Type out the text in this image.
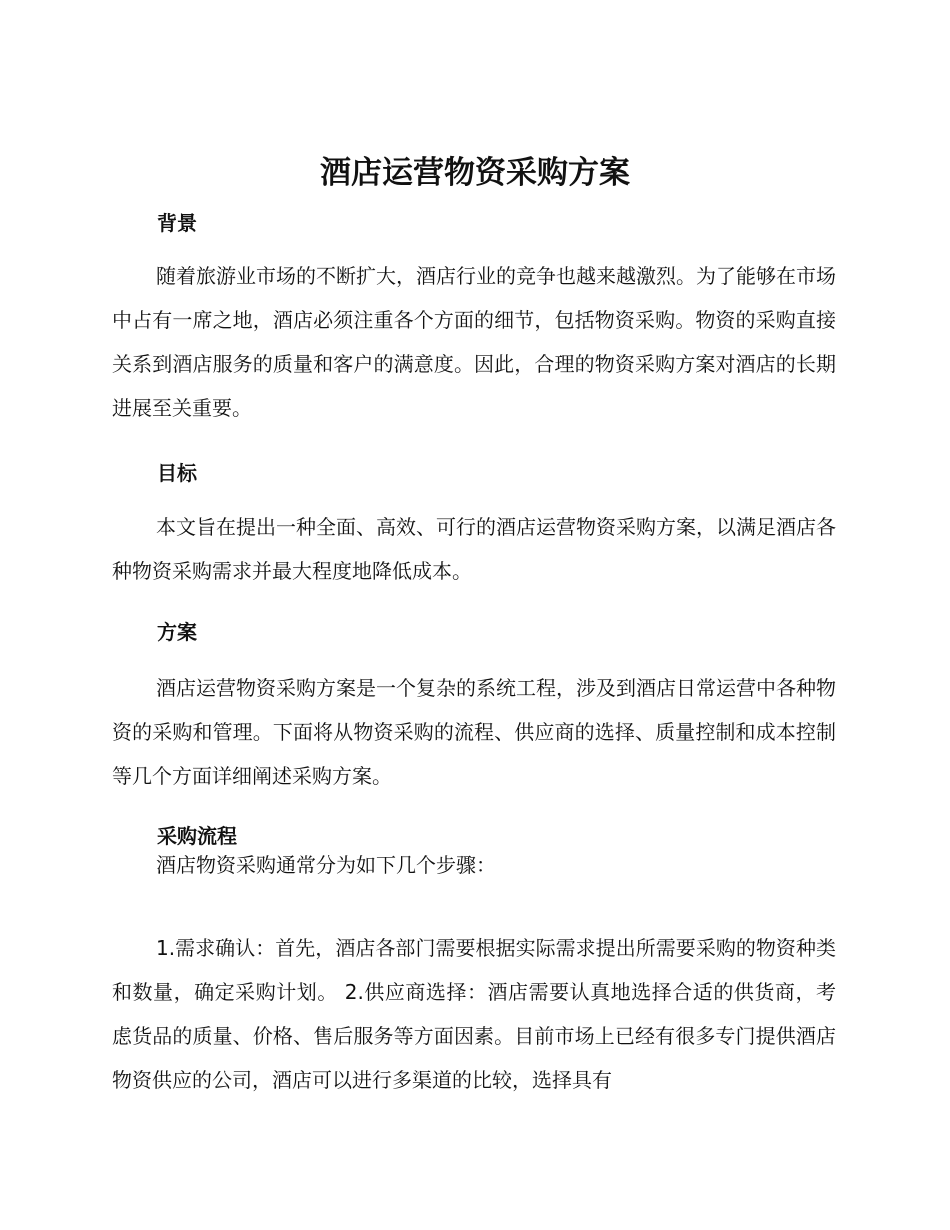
酒店运营物资采购方案
背景

随着旅游业市场的不断扩大，酒店行业的竞争也越来越激烈。为了能够在市场中占有一席之地，酒店必须注重各个方面的细节，包括物资采购。物资的采购直接关系到酒店服务的质量和客户的满意度。因此，合理的物资采购方案对酒店的长期进展至关重要。

目标

本文旨在提出一种全面、高效、可行的酒店运营物资采购方案，以满足酒店各种物资采购需求并最大程度地降低成本。

方案

酒店运营物资采购方案是一个复杂的系统工程，涉及到酒店日常运营中各种物资的采购和管理。下面将从物资采购的流程、供应商的选择、质量控制和成本控制等几个方面详细阐述采购方案。

采购流程

酒店物资采购通常分为如下几个步骤：

1.需求确认：首先，酒店各部门需要根据实际需求提出所需要采购的物资种类和数量，确定采购计划。 2.供应商选择：酒店需要认真地选择合适的供货商，考虑货品的质量、价格、售后服务等方面因素。目前市场上已经有很多专门提供酒店物资供应的公司，酒店可以进行多渠道的比较，选择具有
